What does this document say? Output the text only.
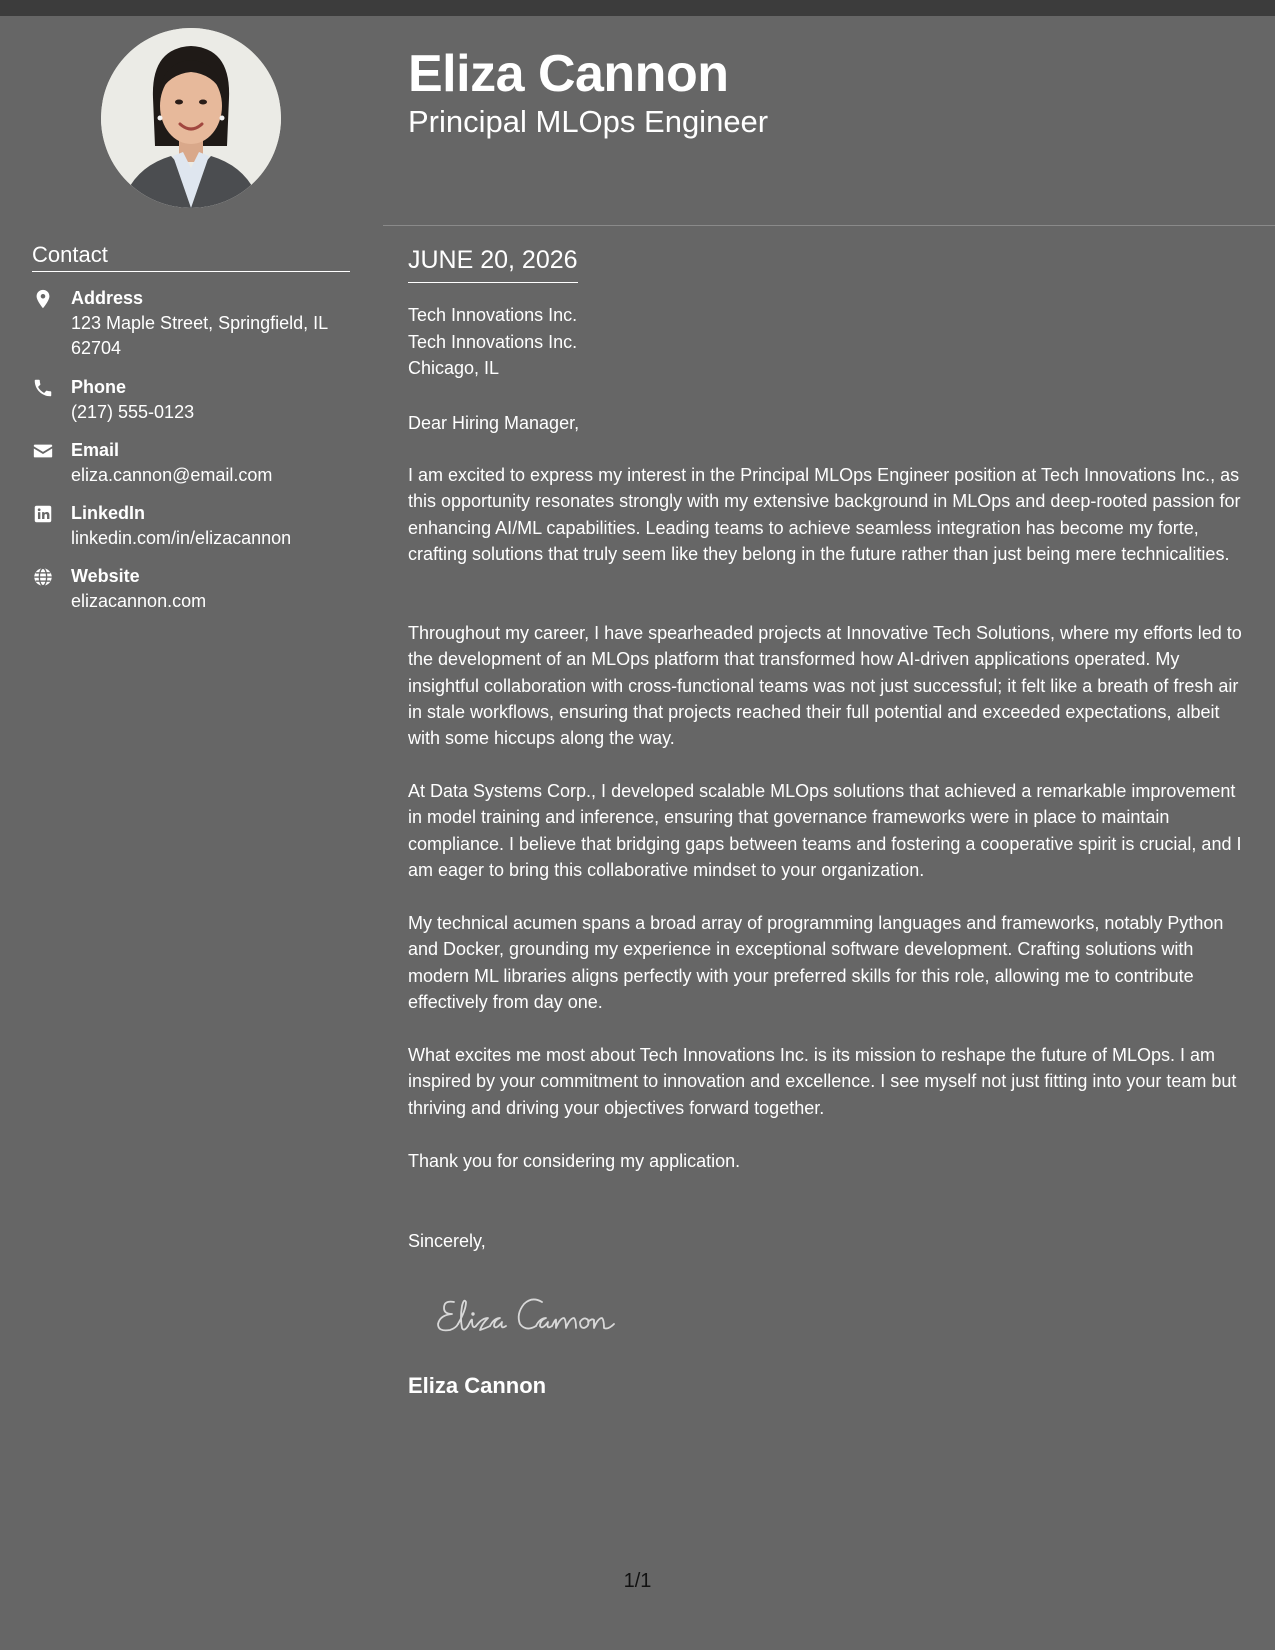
Eliza Cannon
Principal MLOps Engineer
Contact
Address
123 Maple Street, Springfield, IL 62704
Phone
(217) 555-0123
Email
eliza.cannon@email.com
LinkedIn
linkedin.com/in/elizacannon
Website
elizacannon.com
JUNE 20, 2026
Tech Innovations Inc.
Tech Innovations Inc.
Chicago, IL
Dear Hiring Manager,
I am excited to express my interest in the Principal MLOps Engineer position at Tech Innovations Inc., as this opportunity resonates strongly with my extensive background in MLOps and deep-rooted passion for enhancing AI/ML capabilities. Leading teams to achieve seamless integration has become my forte, crafting solutions that truly seem like they belong in the future rather than just being mere technicalities.
Throughout my career, I have spearheaded projects at Innovative Tech Solutions, where my efforts led to the development of an MLOps platform that transformed how AI-driven applications operated. My insightful collaboration with cross-functional teams was not just successful; it felt like a breath of fresh air in stale workflows, ensuring that projects reached their full potential and exceeded expectations, albeit with some hiccups along the way.
At Data Systems Corp., I developed scalable MLOps solutions that achieved a remarkable improvement in model training and inference, ensuring that governance frameworks were in place to maintain compliance. I believe that bridging gaps between teams and fostering a cooperative spirit is crucial, and I am eager to bring this collaborative mindset to your organization.
My technical acumen spans a broad array of programming languages and frameworks, notably Python and Docker, grounding my experience in exceptional software development. Crafting solutions with modern ML libraries aligns perfectly with your preferred skills for this role, allowing me to contribute effectively from day one.
What excites me most about Tech Innovations Inc. is its mission to reshape the future of MLOps. I am inspired by your commitment to innovation and excellence. I see myself not just fitting into your team but thriving and driving your objectives forward together.
Thank you for considering my application.
Sincerely,
Eliza Cannon
1/1
